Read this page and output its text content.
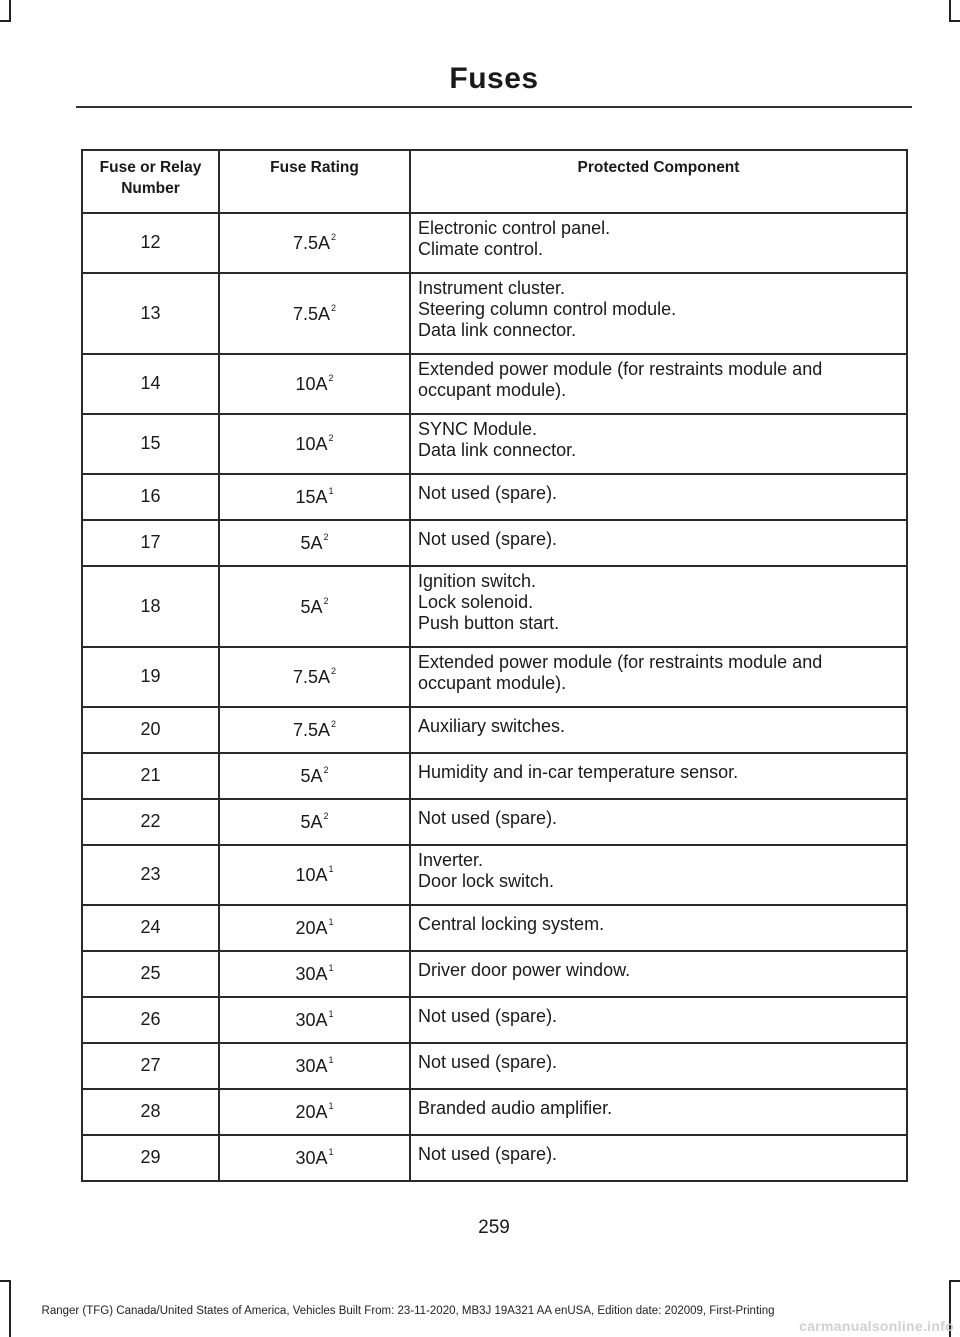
Fuses
Fuse or Relay
Number	Fuse Rating	Protected Component
12	$7.5A^2$	Electronic control panel.
Climate control.

13	$7.5A^2$	Instrument cluster.
Steering column control module.
Data link connector.

14	$10A^2$	Extended power module (for restraints module and
occupant module).

15	$10A^2$	SYNC Module.
Data link connector.

16	$15A^1$	Not used (spare).

17	$5A^2$	Not used (spare).

18	$5A^2$	Ignition switch.
Lock solenoid.
Push button start.

19	$7.5A^2$	Extended power module (for restraints module and
occupant module).

20	$7.5A^2$	Auxiliary switches.

21	$5A^2$	Humidity and in-car temperature sensor.

22	$5A^2$	Not used (spare).

23	$10A^1$	Inverter.
Door lock switch.

24	$20A^1$	Central locking system.

25	$30A^1$	Driver door power window.

26	$30A^1$	Not used (spare).

27	$30A^1$	Not used (spare).

28	$20A^1$	Branded audio amplifier.

29	$30A^1$	Not used (spare).
259
Ranger (TFG) Canada/United States of America, Vehicles Built From: 23-11-2020, MB3J 19A321 AA enUSA, Edition date: 202009, First-Printing
carmanualsonline.info
